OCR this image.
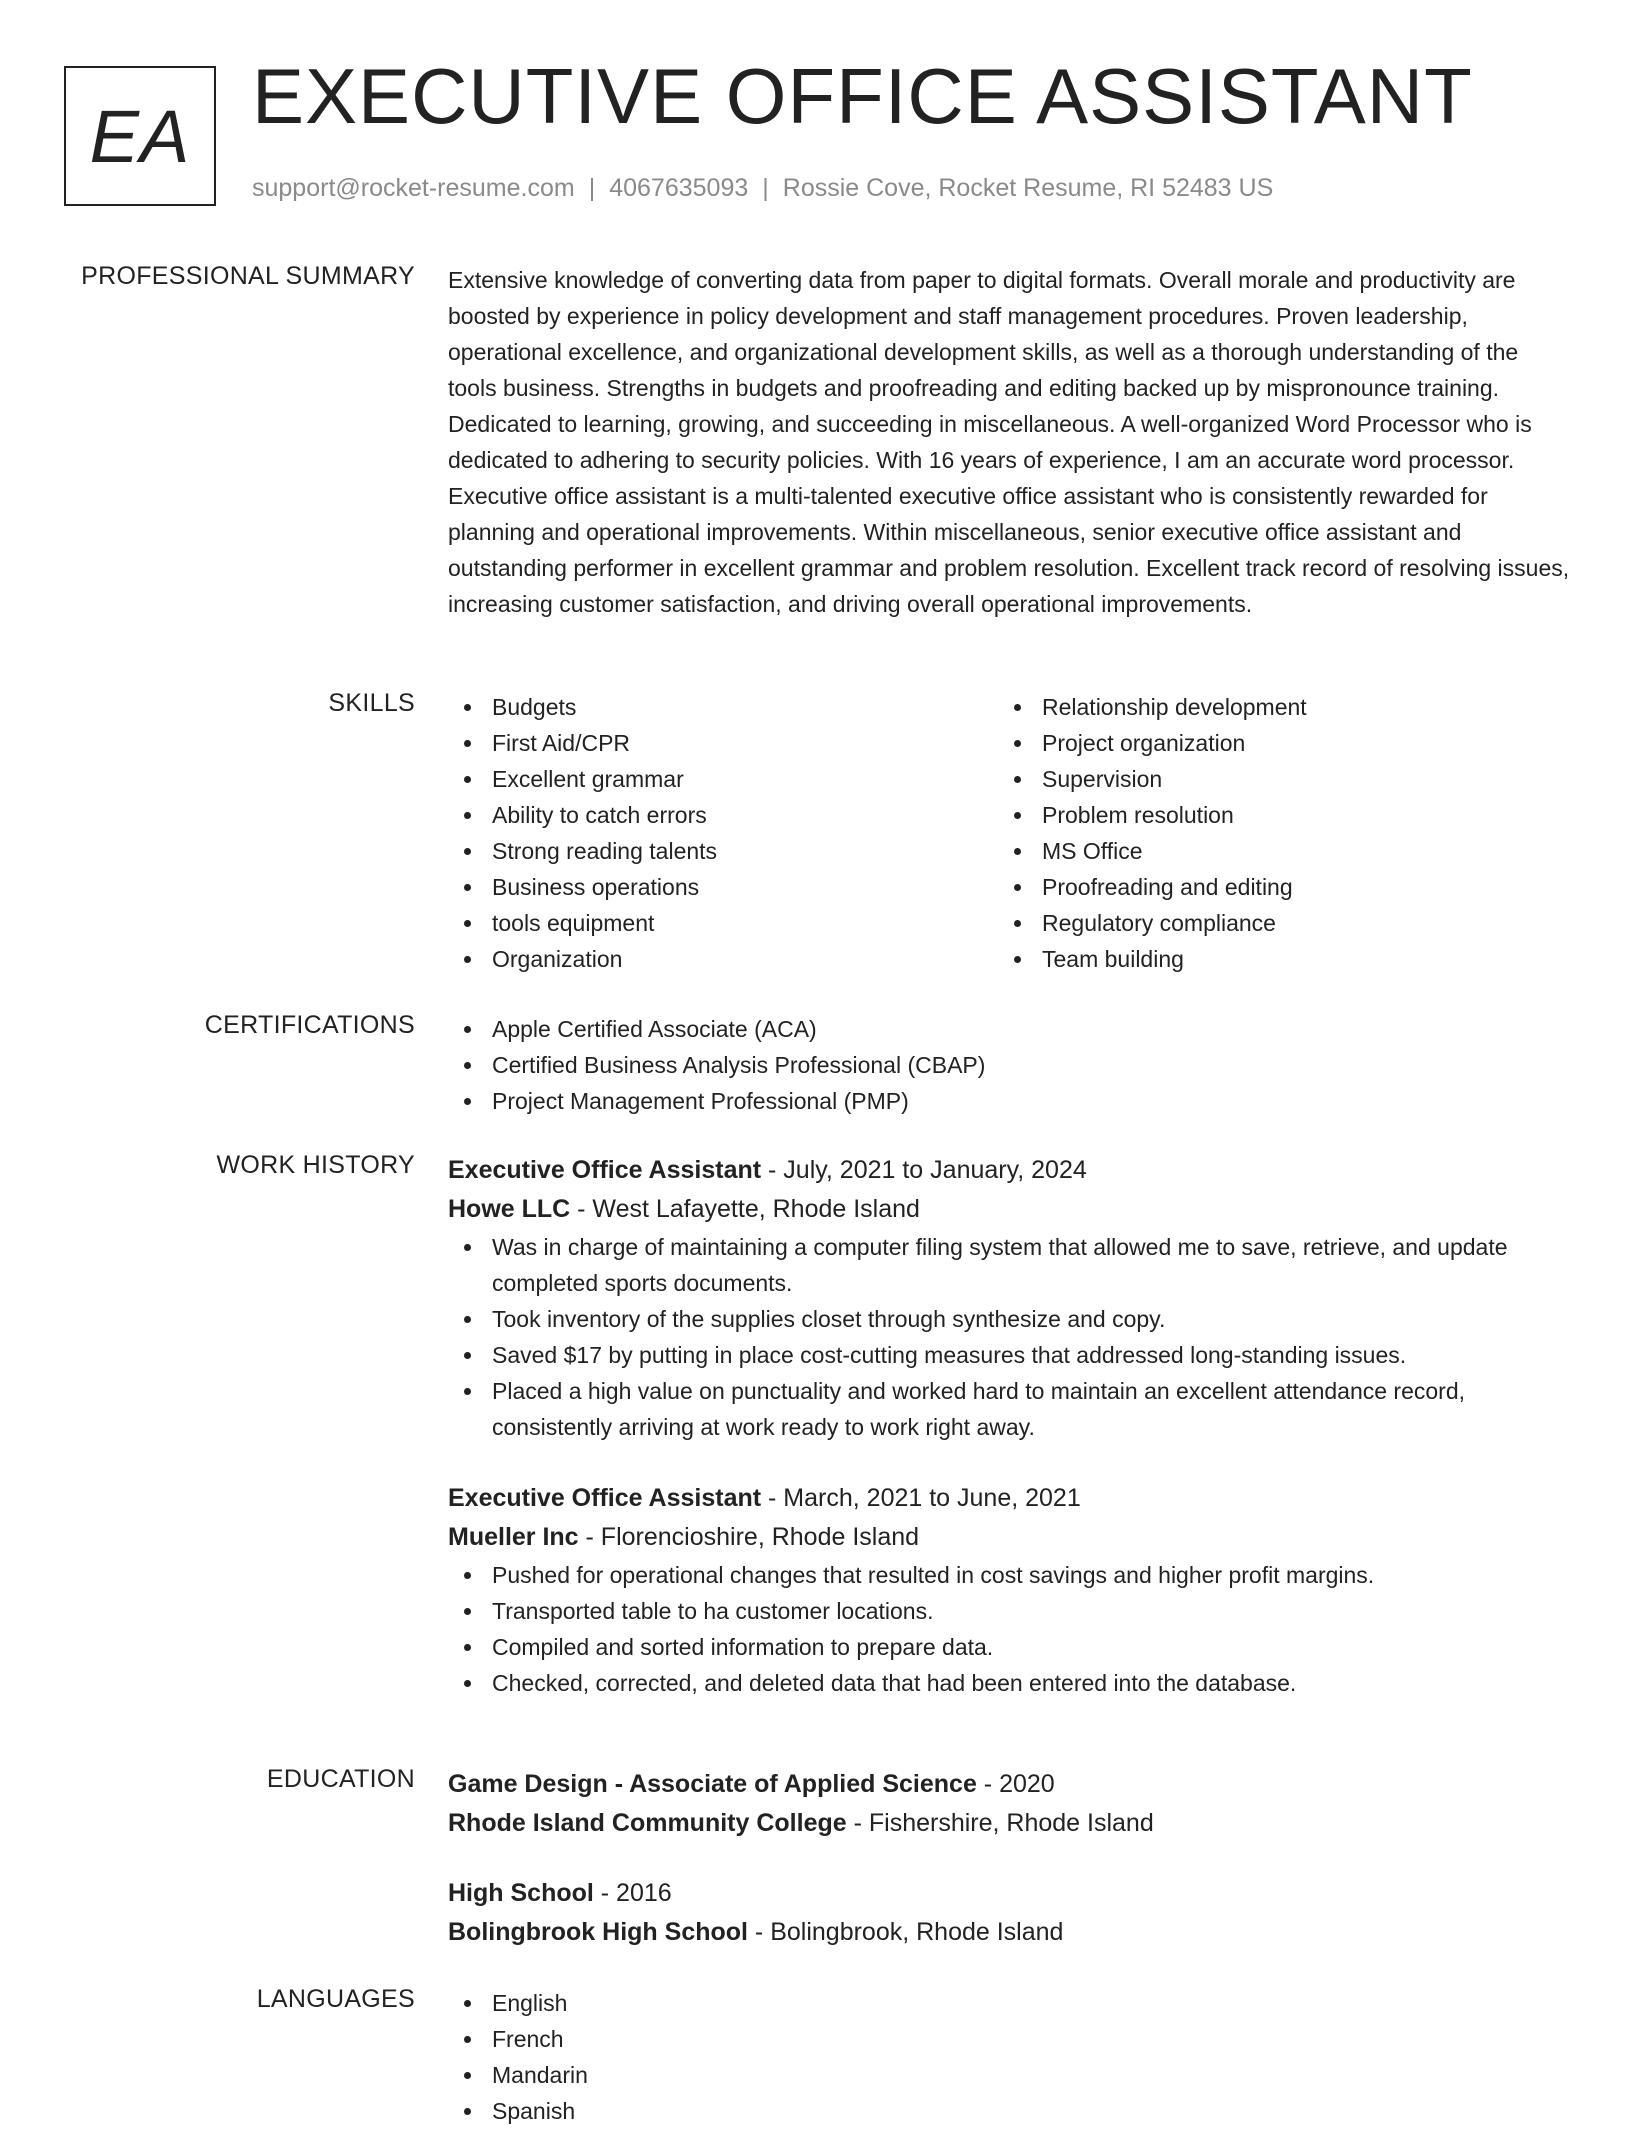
EA EXECUTIVE OFFICE ASSISTANT
support@rocket-resume.com | 4067635093 | Rossie Cove, Rocket Resume, RI 52483 US
PROFESSIONAL SUMMARY Extensive knowledge of converting data from paper to digital formats. Overall morale and productivity are boosted by experience in policy development and staff management procedures. Proven leadership, operational excellence, and organizational development skills, as well as a thorough understanding of the tools business. Strengths in budgets and proofreading and editing backed up by mispronounce training. Dedicated to learning, growing, and succeeding in miscellaneous. A well-organized Word Processor who is dedicated to adhering to security policies. With 16 years of experience, I am an accurate word processor. Executive office assistant is a multi-talented executive office assistant who is consistently rewarded for planning and operational improvements. Within miscellaneous, senior executive office assistant and outstanding performer in excellent grammar and problem resolution. Excellent track record of resolving issues, increasing customer satisfaction, and driving overall operational improvements.

SKILLS	Budgets
First Aid/CPR
Excellent grammar
Ability to catch errors
Strong reading talents
Business operations
tools equipment
Organization
Relationship development
Project organization
Supervision
Problem resolution
MS Office
Proofreading and editing
Regulatory compliance
Team building
CERTIFICATIONS	Apple Certified Associate (ACA)
Certified Business Analysis Professional (CBAP)
Project Management Professional (PMP)
WORK HISTORY Executive Office Assistant - July, 2021 to January, 2024
Howe LLC - West Lafayette, Rhode Island
Was in charge of maintaining a computer filing system that allowed me to save, retrieve, and update completed sports documents.
Took inventory of the supplies closet through synthesize and copy.
Saved $17 by putting in place cost-cutting measures that addressed long-standing issues.
Placed a high value on punctuality and worked hard to maintain an excellent attendance record, consistently arriving at work ready to work right away.
Executive Office Assistant - March, 2021 to June, 2021
Mueller Inc - Florencioshire, Rhode Island
Pushed for operational changes that resulted in cost savings and higher profit margins.
Transported table to ha customer locations.
Compiled and sorted information to prepare data.
Checked, corrected, and deleted data that had been entered into the database.
EDUCATION Game Design - Associate of Applied Science - 2020
Rhode Island Community College - Fishershire, Rhode Island
High School - 2016
Bolingbrook High School - Bolingbrook, Rhode Island
LANGUAGES	English
French
Mandarin
Spanish
